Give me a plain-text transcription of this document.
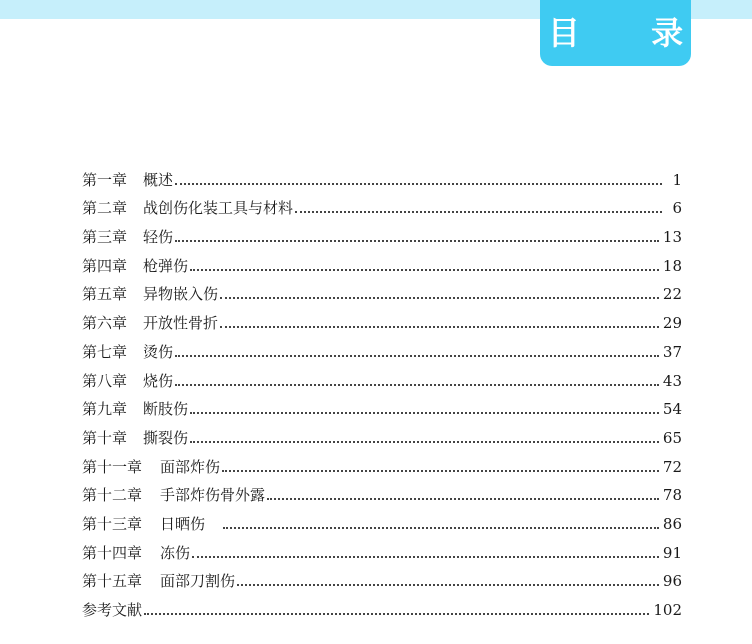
目 录
第一章 概述	1
第二章 战创伤化装工具与材料	6
第三章 轻伤	13
第四章 枪弹伤	18
第五章 异物嵌入伤	22
第六章 开放性骨折	29
第七章 烫伤	37
第八章 烧伤	43
第九章 断肢伤	54
第十章 撕裂伤	65
第十一章 面部炸伤	72
第十二章 手部炸伤骨外露	78
第十三章 日晒伤	86
第十四章 冻伤	91
第十五章 面部刀割伤	96
参考文献	102
